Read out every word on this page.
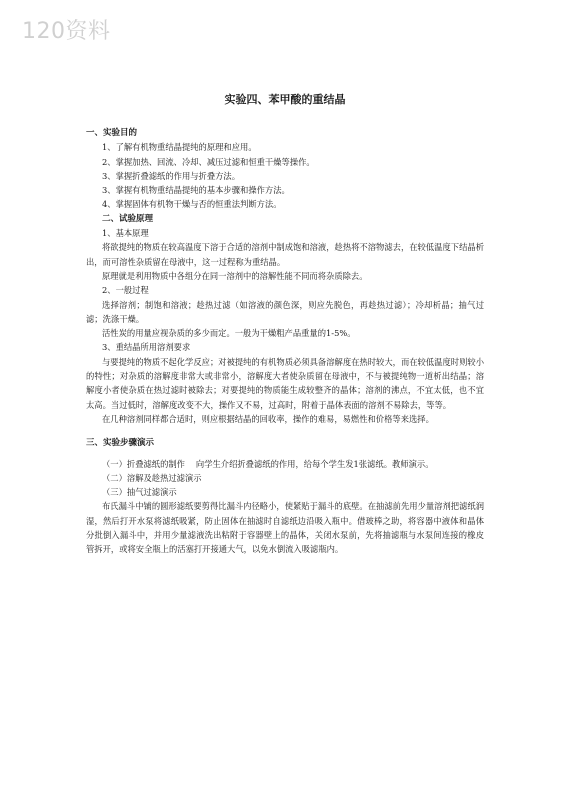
120资料
实验四、苯甲酸的重结晶
一、实验目的
1、了解有机物重结晶提纯的原理和应用。
2、掌握加热、回流、冷却、减压过滤和恒重干燥等操作。
3、掌握折叠滤纸的作用与折叠方法。
3、掌握有机物重结晶提纯的基本步骤和操作方法。
4、掌握固体有机物干燥与否的恒重法判断方法。
二、试验原理
1、基本原理
将欲提纯的物质在较高温度下溶于合适的溶剂中制成饱和溶液，趁热将不溶物滤去，在较低温度下结晶析出，而可溶性杂质留在母液中，这一过程称为重结晶。
原理就是利用物质中各组分在同一溶剂中的溶解性能不同而将杂质除去。
2、一般过程
选择溶剂；制饱和溶液；趁热过滤（如溶液的颜色深，则应先脱色，再趁热过滤）；冷却析晶；抽气过滤；洗涤干燥。
活性炭的用量应视杂质的多少而定。一般为干燥粗产品重量的1-5%。
3、重结晶所用溶剂要求
与要提纯的物质不起化学反应；对被提纯的有机物质必须具备溶解度在热时较大，而在较低温度时则较小的特性；对杂质的溶解度非常大或非常小，溶解度大者使杂质留在母液中，不与被提纯物一道析出结晶；溶解度小者使杂质在热过滤时被除去；对要提纯的物质能生成较整齐的晶体；溶剂的沸点，不宜太低，也不宜太高。当过低时，溶解度改变不大，操作又不易，过高时，附着于晶体表面的溶剂不易除去，等等。
在几种溶剂同样都合适时，则应根据结晶的回收率，操作的难易，易燃性和价格等来选择。
三、实验步骤演示
（一）折叠滤纸的制作　 向学生介绍折叠滤纸的作用，给每个学生发1张滤纸。教师演示。
（二）溶解及趁热过滤演示
（三）抽气过滤演示
布氏漏斗中铺的圆形滤纸要剪得比漏斗内径略小，使紧贴于漏斗的底壁。在抽滤前先用少量溶剂把滤纸润湿，然后打开水泵将滤纸吸紧，防止固体在抽滤时自滤纸边沿吸入瓶中。借玻棒之助，将容器中液体和晶体分批倒入漏斗中，并用少量滤液洗出粘附于容器壁上的晶体，关闭水泵前，先将抽滤瓶与水泵间连接的橡皮管拆开，或将安全瓶上的活塞打开接通大气，以免水倒流入吸滤瓶内。
